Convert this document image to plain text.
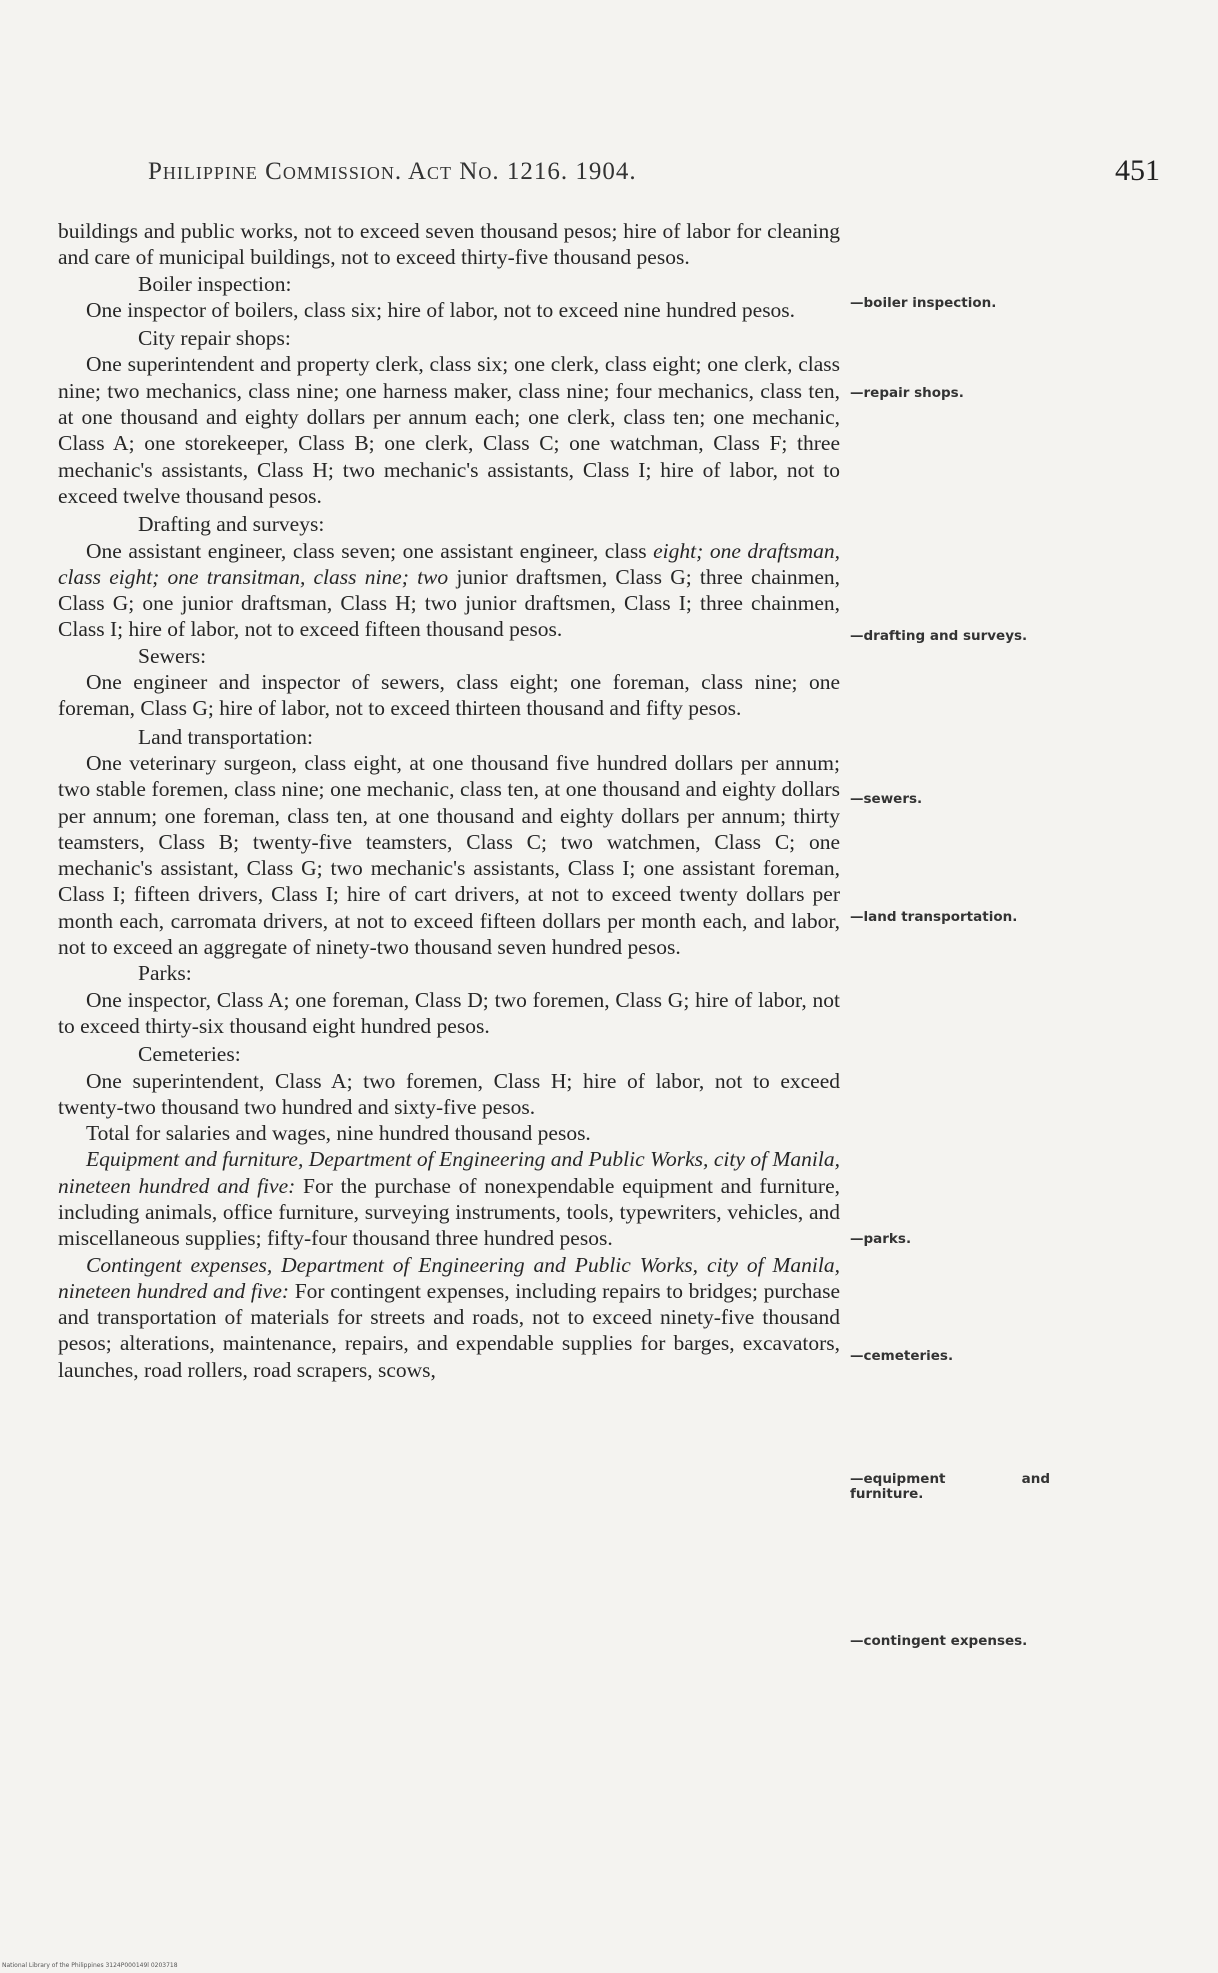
Philippine Commission. Act No. 1216. 1904.	451

buildings and public works, not to exceed seven thousand pesos; hire of labor for cleaning and care of municipal buildings, not to exceed thirty-five thousand pesos.

Boiler inspection:

One inspector of boilers, class six; hire of labor, not to exceed nine hundred pesos.

City repair shops:

One superintendent and property clerk, class six; one clerk, class eight; one clerk, class nine; two mechanics, class nine; one harness maker, class nine; four mechanics, class ten, at one thousand and eighty dollars per annum each; one clerk, class ten; one mechanic, Class A; one storekeeper, Class B; one clerk, Class C; one watchman, Class F; three mechanic's assistants, Class H; two mechanic's assistants, Class I; hire of labor, not to exceed twelve thousand pesos.

Drafting and surveys:

One assistant engineer, class seven; one assistant engineer, class eight; one draftsman, class eight; one transitman, class nine; two junior draftsmen, Class G; three chainmen, Class G; one junior draftsman, Class H; two junior draftsmen, Class I; three chainmen, Class I; hire of labor, not to exceed fifteen thousand pesos.

Sewers:

One engineer and inspector of sewers, class eight; one foreman, class nine; one foreman, Class G; hire of labor, not to exceed thirteen thousand and fifty pesos.

Land transportation:

One veterinary surgeon, class eight, at one thousand five hundred dollars per annum; two stable foremen, class nine; one mechanic, class ten, at one thousand and eighty dollars per annum; one foreman, class ten, at one thousand and eighty dollars per annum; thirty teamsters, Class B; twenty-five teamsters, Class C; two watchmen, Class C; one mechanic's assistant, Class G; two mechanic's assistants, Class I; one assistant foreman, Class I; fifteen drivers, Class I; hire of cart drivers, at not to exceed twenty dollars per month each, carromata drivers, at not to exceed fifteen dollars per month each, and labor, not to exceed an aggregate of ninety-two thousand seven hundred pesos.

Parks:

One inspector, Class A; one foreman, Class D; two foremen, Class G; hire of labor, not to exceed thirty-six thousand eight hundred pesos.

Cemeteries:

One superintendent, Class A; two foremen, Class H; hire of labor, not to exceed twenty-two thousand two hundred and sixty-five pesos.

Total for salaries and wages, nine hundred thousand pesos.

Equipment and furniture, Department of Engineering and Public Works, city of Manila, nineteen hundred and five: For the purchase of nonexpendable equipment and furniture, including animals, office furniture, surveying instruments, tools, typewriters, vehicles, and miscellaneous supplies; fifty-four thousand three hundred pesos.

Contingent expenses, Department of Engineering and Public Works, city of Manila, nineteen hundred and five: For contingent expenses, including repairs to bridges; purchase and transportation of materials for streets and roads, not to exceed ninety-five thousand pesos; alterations, maintenance, repairs, and expendable supplies for barges, excavators, launches, road rollers, road scrapers, scows,

—boiler inspection.
—repair shops.
—drafting and surveys.
—sewers.
—land transportation.
—parks.
—cemeteries.
—equipment and furniture.
—contingent expenses.
National Library of the Philippines 3124P000149l 0203718
